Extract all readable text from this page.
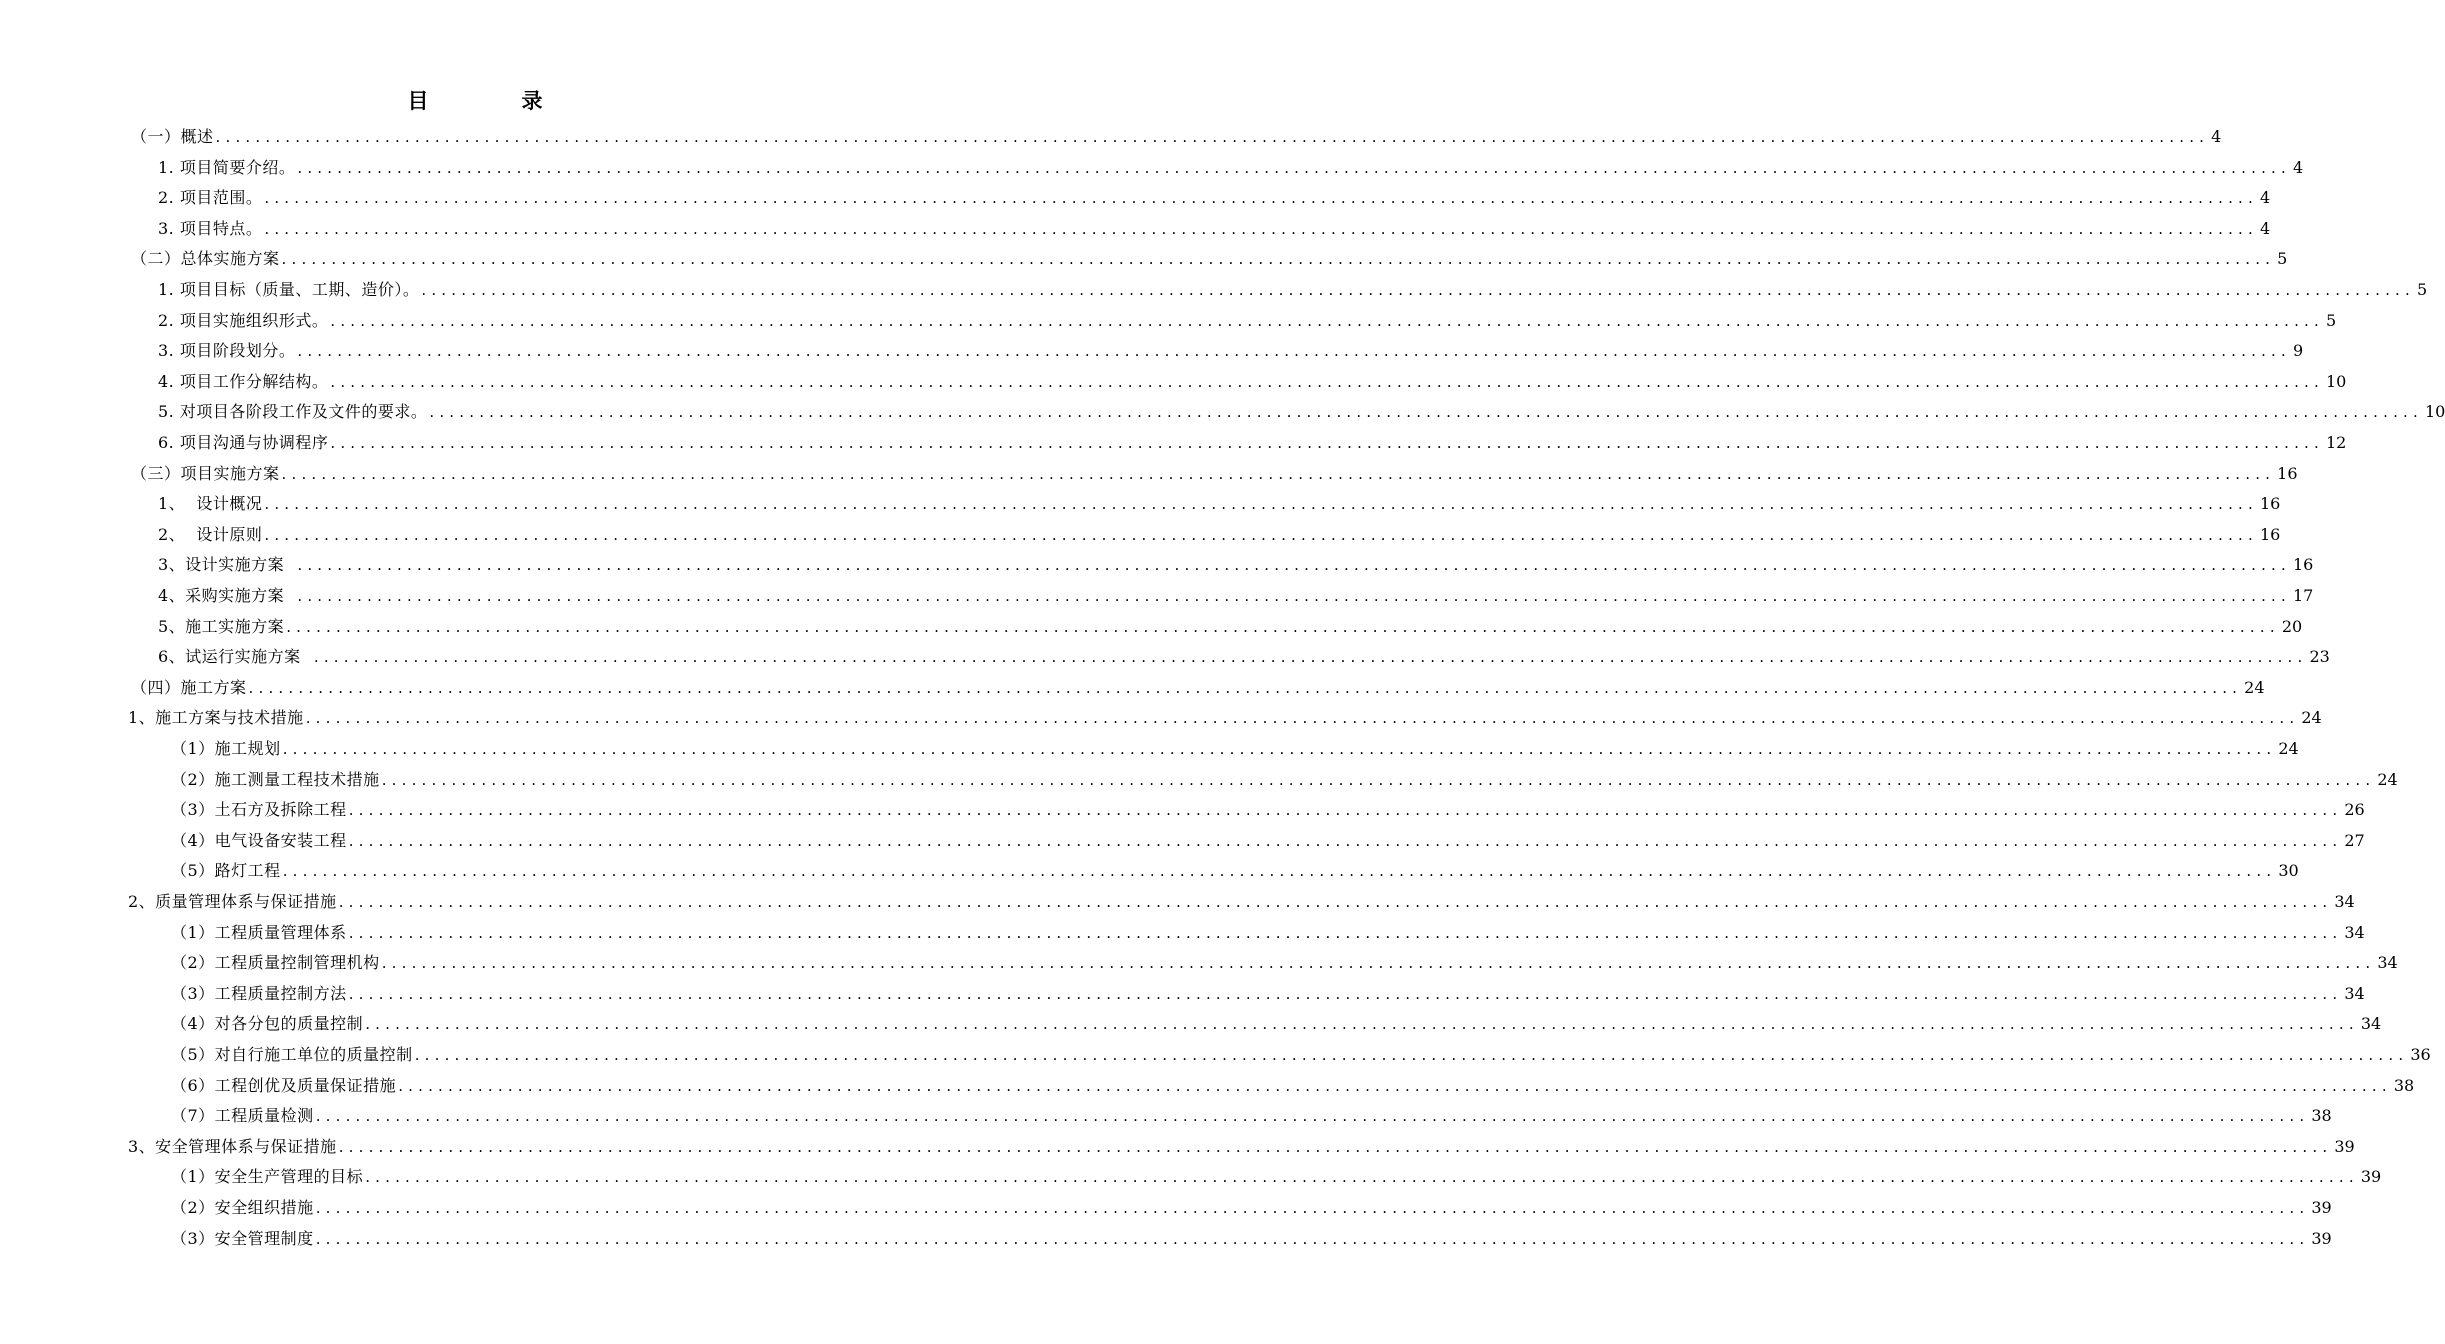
目　录
（一）概述 ........................................................................................................................................................................................................ 4
1. 项目简要介绍。 ........................................................................................................................................................................................................ 4
2. 项目范围。 ........................................................................................................................................................................................................ 4
3. 项目特点。 ........................................................................................................................................................................................................ 4
（二）总体实施方案 ........................................................................................................................................................................................................ 5
1. 项目目标（质量、工期、造价）。 ........................................................................................................................................................................................................ 5
2. 项目实施组织形式。 ........................................................................................................................................................................................................ 5
3. 项目阶段划分。 ........................................................................................................................................................................................................ 9
4. 项目工作分解结构。 ........................................................................................................................................................................................................ 10
5. 对项目各阶段工作及文件的要求。 ........................................................................................................................................................................................................ 10
6. 项目沟通与协调程序 ........................................................................................................................................................................................................ 12
（三）项目实施方案 ........................................................................................................................................................................................................ 16
1、  设计概况 ........................................................................................................................................................................................................ 16
2、  设计原则 ........................................................................................................................................................................................................ 16
3、设计实施方案 ........................................................................................................................................................................................................ 16
4、采购实施方案 ........................................................................................................................................................................................................ 17
5、施工实施方案 ........................................................................................................................................................................................................ 20
6、试运行实施方案 ........................................................................................................................................................................................................ 23
（四）施工方案 ........................................................................................................................................................................................................ 24
1、施工方案与技术措施 ........................................................................................................................................................................................................ 24
（1）施工规划 ........................................................................................................................................................................................................ 24
（2）施工测量工程技术措施 ........................................................................................................................................................................................................ 24
（3）土石方及拆除工程 ........................................................................................................................................................................................................ 26
（4）电气设备安装工程 ........................................................................................................................................................................................................ 27
（5）路灯工程 ........................................................................................................................................................................................................ 30
2、质量管理体系与保证措施 ........................................................................................................................................................................................................ 34
（1）工程质量管理体系 ........................................................................................................................................................................................................ 34
（2）工程质量控制管理机构 ........................................................................................................................................................................................................ 34
（3）工程质量控制方法 ........................................................................................................................................................................................................ 34
（4）对各分包的质量控制 ........................................................................................................................................................................................................ 34
（5）对自行施工单位的质量控制 ........................................................................................................................................................................................................ 36
（6）工程创优及质量保证措施 ........................................................................................................................................................................................................ 38
（7）工程质量检测 ........................................................................................................................................................................................................ 38
3、安全管理体系与保证措施 ........................................................................................................................................................................................................ 39
（1）安全生产管理的目标 ........................................................................................................................................................................................................ 39
（2）安全组织措施 ........................................................................................................................................................................................................ 39
（3）安全管理制度 ........................................................................................................................................................................................................ 39
